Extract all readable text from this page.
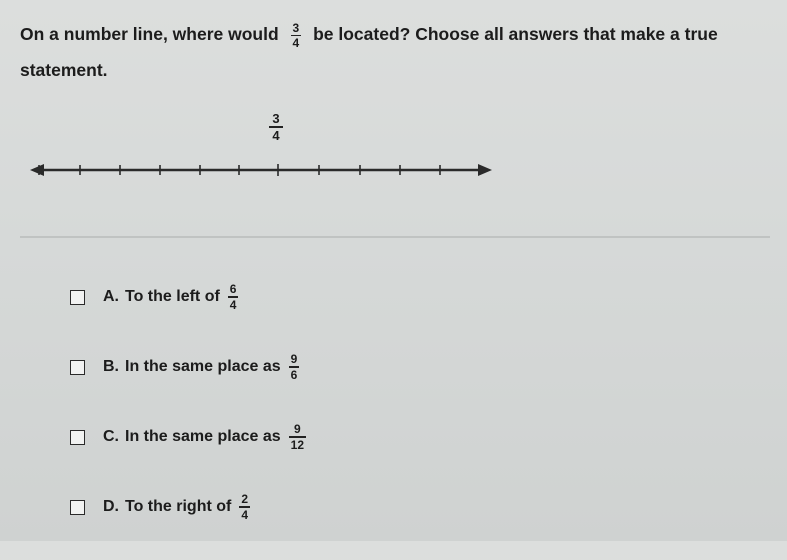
On a number line, where would $\frac{3}{4}$ be located? Choose all answers that make a true statement.
3
4
A. To the left of $\frac{6}{4}$
B. In the same place as $\frac{9}{6}$
C. In the same place as $\frac{9}{12}$
D. To the right of $\frac{2}{4}$
